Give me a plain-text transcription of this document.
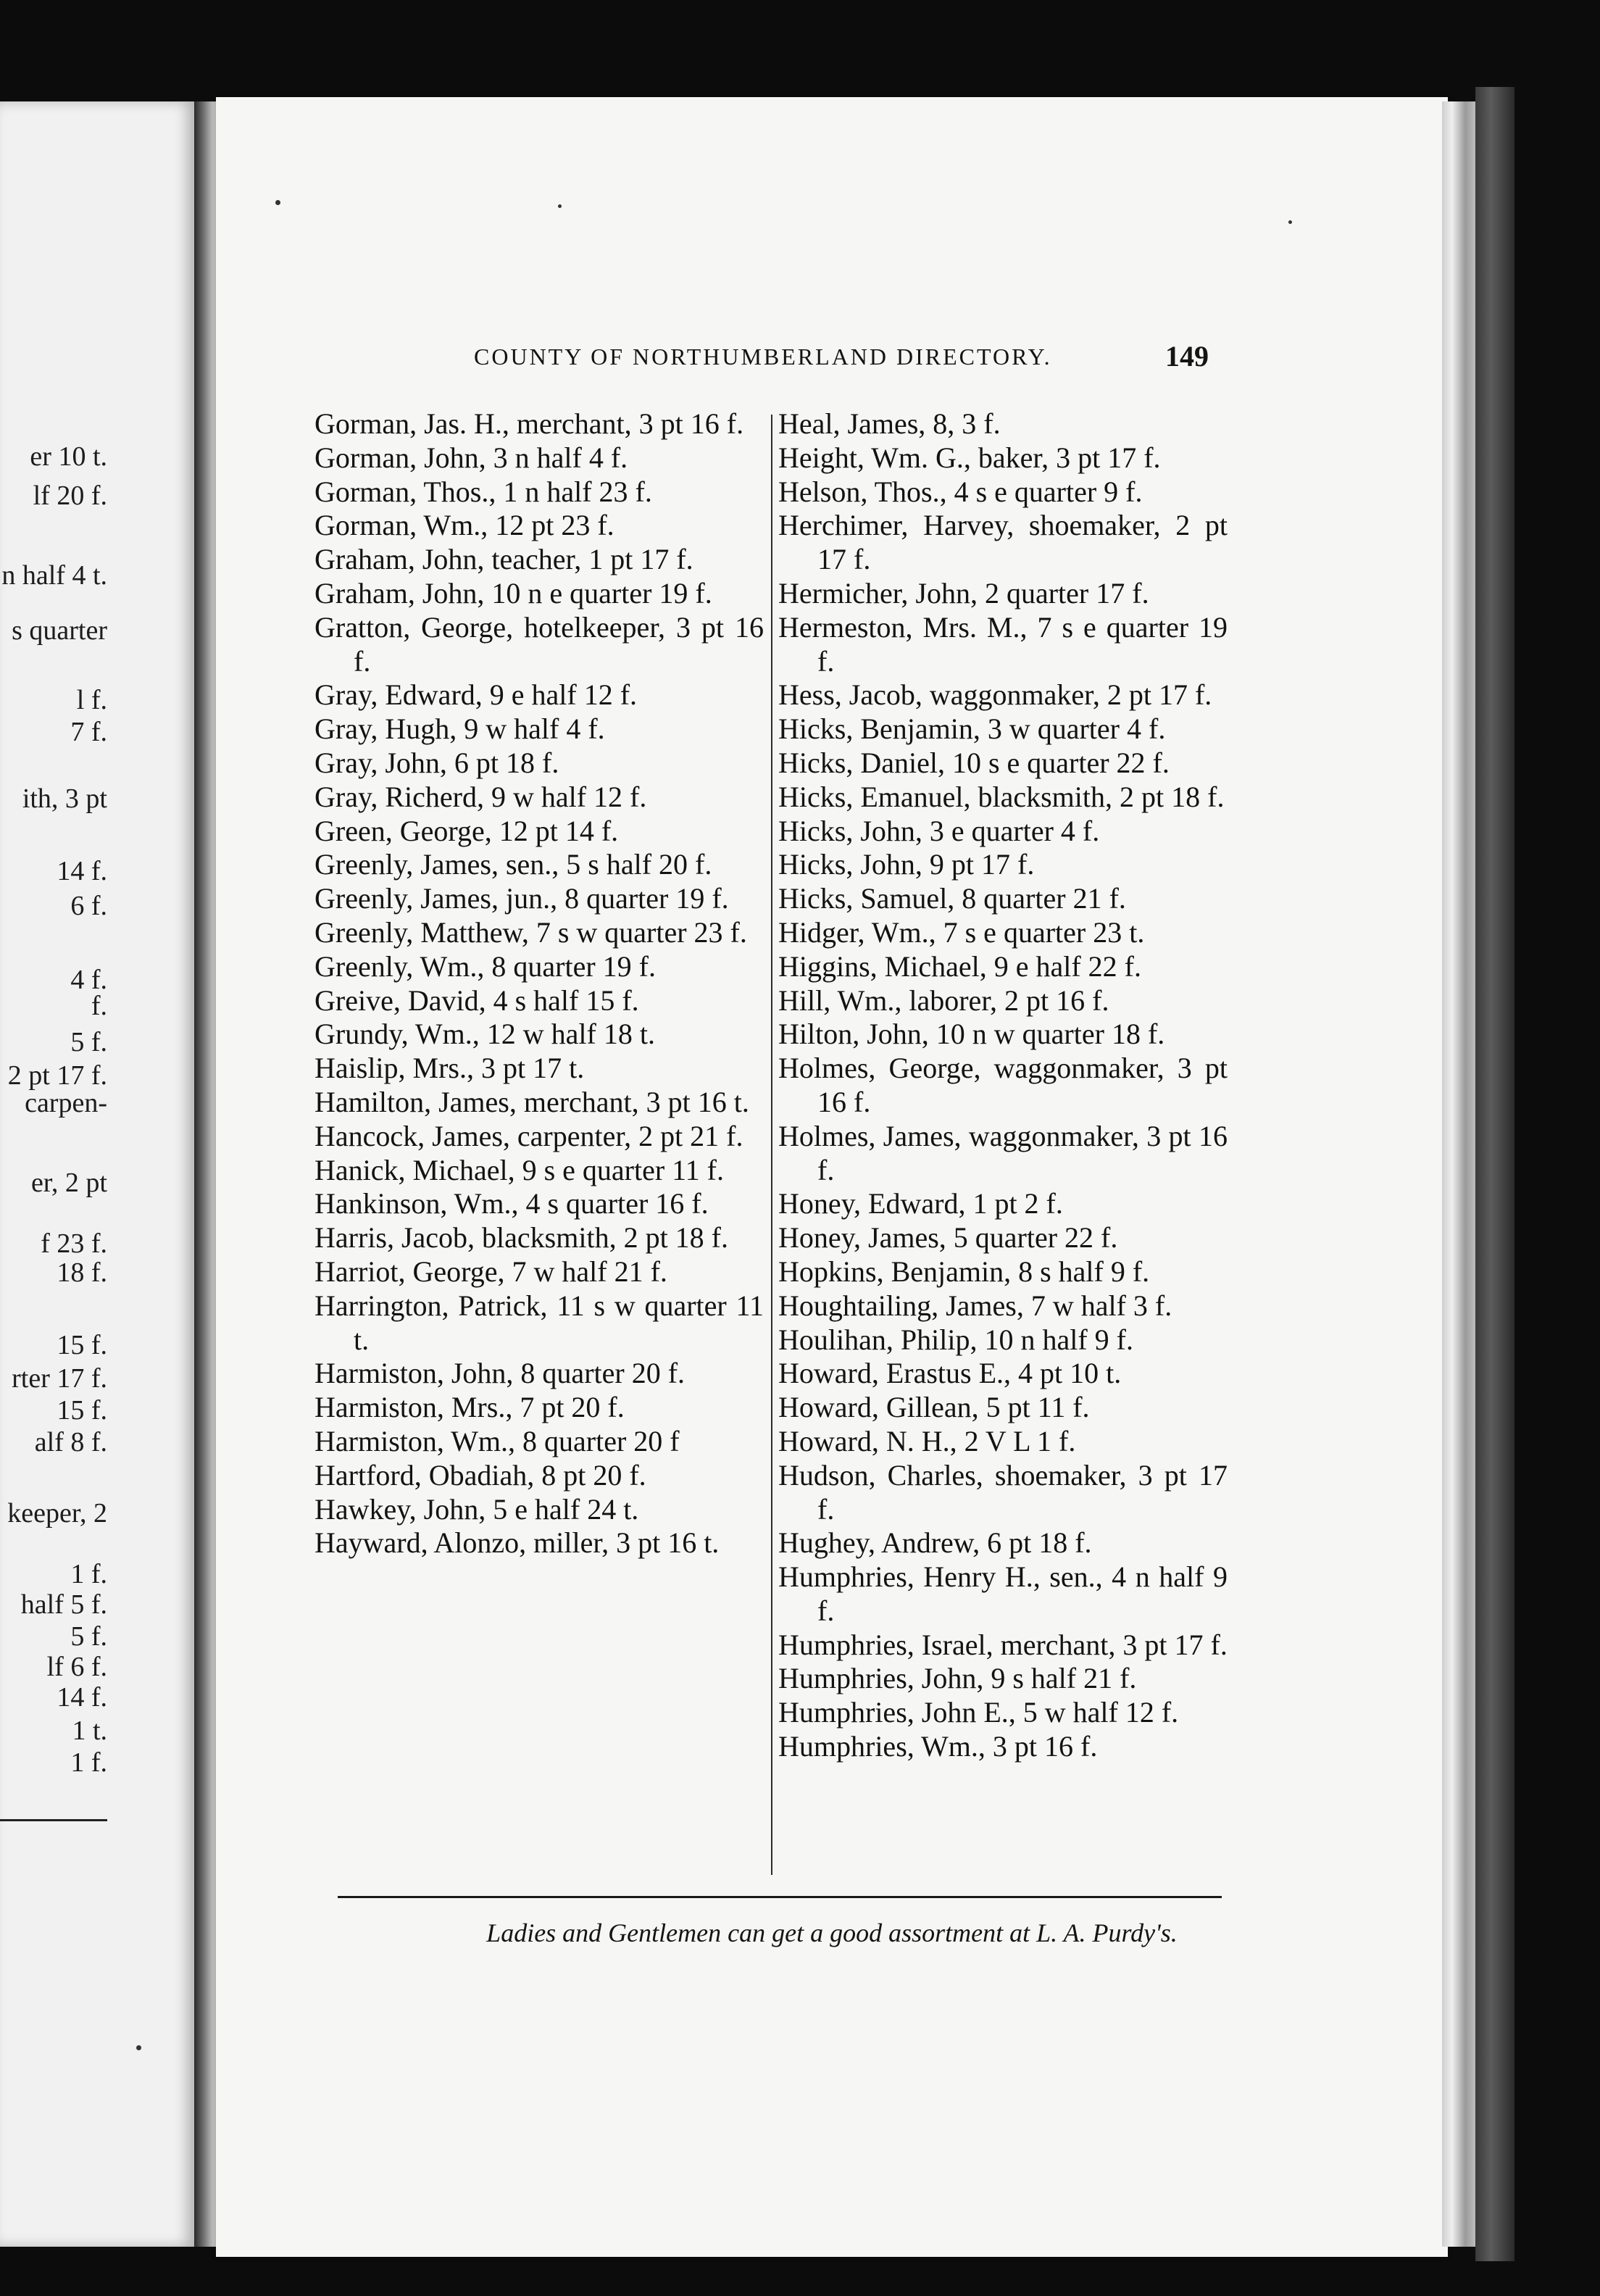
er 10 t.
lf 20 f.
n half 4 t.
s quarter
l f.
7 f.
ith, 3 pt
14 f.
6 f.
4 f.
f.
5 f.
2 pt 17 f.
carpen-
er, 2 pt
f 23 f.
18 f.
15 f.
rter 17 f.
15 f.
alf 8 f.
keeper, 2
1 f.
half 5 f.
5 f.
lf 6 f.
14 f.
1 t.
1 f.
COUNTY OF NORTHUMBERLAND DIRECTORY.	149

Gorman, Jas. H., merchant, 3 pt 16 f.

Gorman, John, 3 n half 4 f.

Gorman, Thos., 1 n half 23 f.

Gorman, Wm., 12 pt 23 f.

Graham, John, teacher, 1 pt 17 f.

Graham, John, 10 n e quarter 19 f.

Gratton, George, hotelkeeper, 3 pt 16 f.

Gray, Edward, 9 e half 12 f.

Gray, Hugh, 9 w half 4 f.

Gray, John, 6 pt 18 f.

Gray, Richerd, 9 w half 12 f.

Green, George, 12 pt 14 f.

Greenly, James, sen., 5 s half 20 f.

Greenly, James, jun., 8 quarter 19 f.

Greenly, Matthew, 7 s w quarter 23 f.

Greenly, Wm., 8 quarter 19 f.

Greive, David, 4 s half 15 f.

Grundy, Wm., 12 w half 18 t.

Haislip, Mrs., 3 pt 17 t.

Hamilton, James, merchant, 3 pt 16 t.

Hancock, James, carpenter, 2 pt 21 f.

Hanick, Michael, 9 s e quarter 11 f.

Hankinson, Wm., 4 s quarter 16 f.

Harris, Jacob, blacksmith, 2 pt 18 f.

Harriot, George, 7 w half 21 f.

Harrington, Patrick, 11 s w quarter 11 t.

Harmiston, John, 8 quarter 20 f.

Harmiston, Mrs., 7 pt 20 f.

Harmiston, Wm., 8 quarter 20 f

Hartford, Obadiah, 8 pt 20 f.

Hawkey, John, 5 e half 24 t.

Hayward, Alonzo, miller, 3 pt 16 t.

Heal, James, 8, 3 f.

Height, Wm. G., baker, 3 pt 17 f.

Helson, Thos., 4 s e quarter 9 f.

Herchimer, Harvey, shoemaker, 2 pt 17 f.

Hermicher, John, 2 quarter 17 f.

Hermeston, Mrs. M., 7 s e quarter 19 f.

Hess, Jacob, waggonmaker, 2 pt 17 f.

Hicks, Benjamin, 3 w quarter 4 f.

Hicks, Daniel, 10 s e quarter 22 f.

Hicks, Emanuel, blacksmith, 2 pt 18 f.

Hicks, John, 3 e quarter 4 f.

Hicks, John, 9 pt 17 f.

Hicks, Samuel, 8 quarter 21 f.

Hidger, Wm., 7 s e quarter 23 t.

Higgins, Michael, 9 e half 22 f.

Hill, Wm., laborer, 2 pt 16 f.

Hilton, John, 10 n w quarter 18 f.

Holmes, George, waggonmaker, 3 pt 16 f.

Holmes, James, waggonmaker, 3 pt 16 f.

Honey, Edward, 1 pt 2 f.

Honey, James, 5 quarter 22 f.

Hopkins, Benjamin, 8 s half 9 f.

Houghtailing, James, 7 w half 3 f.

Houlihan, Philip, 10 n half 9 f.

Howard, Erastus E., 4 pt 10 t.

Howard, Gillean, 5 pt 11 f.

Howard, N. H., 2 V L 1 f.

Hudson, Charles, shoemaker, 3 pt 17 f.

Hughey, Andrew, 6 pt 18 f.

Humphries, Henry H., sen., 4 n half 9 f.

Humphries, Israel, merchant, 3 pt 17 f.

Humphries, John, 9 s half 21 f.

Humphries, John E., 5 w half 12 f.

Humphries, Wm., 3 pt 16 f.

Ladies and Gentlemen can get a good assortment at L. A. Purdy's.
